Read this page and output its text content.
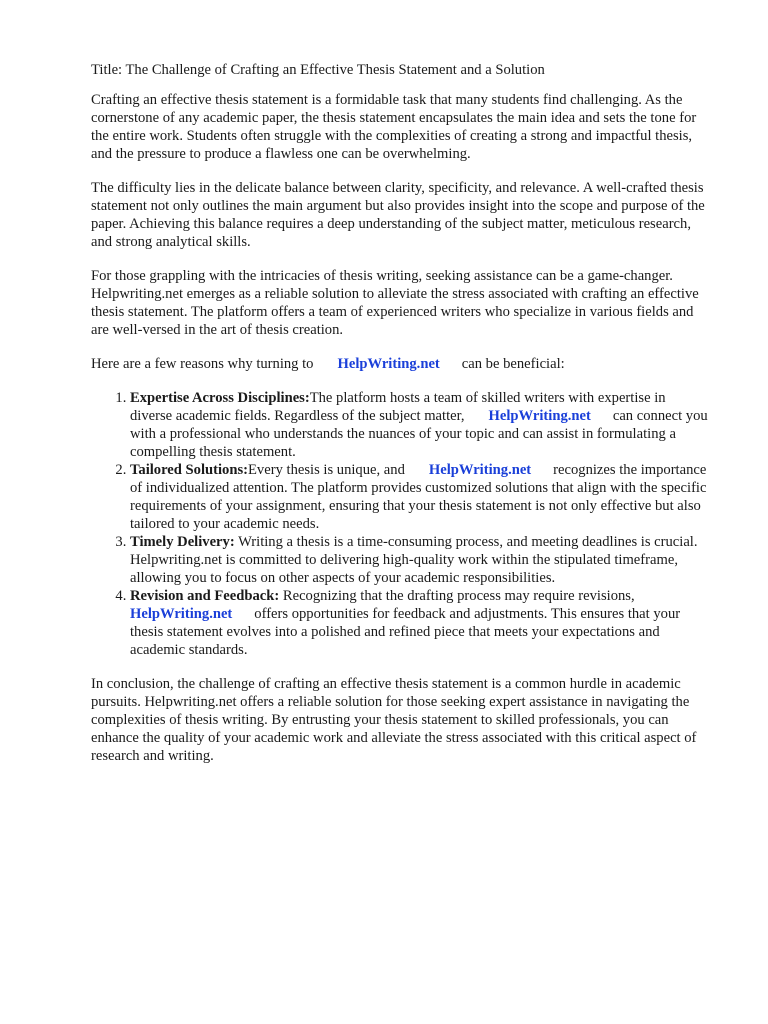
Title: The Challenge of Crafting an Effective Thesis Statement and a Solution

Crafting an effective thesis statement is a formidable task that many students find challenging. As the cornerstone of any academic paper, the thesis statement encapsulates the main idea and sets the tone for the entire work. Students often struggle with the complexities of creating a strong and impactful thesis, and the pressure to produce a flawless one can be overwhelming.

The difficulty lies in the delicate balance between clarity, specificity, and relevance. A well-crafted thesis statement not only outlines the main argument but also provides insight into the scope and purpose of the paper. Achieving this balance requires a deep understanding of the subject matter, meticulous research, and strong analytical skills.

For those grappling with the intricacies of thesis writing, seeking assistance can be a game-changer. Helpwriting.net emerges as a reliable solution to alleviate the stress associated with crafting an effective thesis statement. The platform offers a team of experienced writers who specialize in various fields and are well-versed in the art of thesis creation.

Here are a few reasons why turning to HelpWriting.net can be beneficial:

1. Expertise Across Disciplines:The platform hosts a team of skilled writers with expertise in diverse academic fields. Regardless of the subject matter, HelpWriting.net can connect you with a professional who understands the nuances of your topic and can assist in formulating a compelling thesis statement.
2. Tailored Solutions:Every thesis is unique, and HelpWriting.net recognizes the importance of individualized attention. The platform provides customized solutions that align with the specific requirements of your assignment, ensuring that your thesis statement is not only effective but also tailored to your academic needs.
3. Timely Delivery: Writing a thesis is a time-consuming process, and meeting deadlines is crucial. Helpwriting.net is committed to delivering high-quality work within the stipulated timeframe, allowing you to focus on other aspects of your academic responsibilities.
4. Revision and Feedback: Recognizing that the drafting process may require revisions, HelpWriting.net offers opportunities for feedback and adjustments. This ensures that your thesis statement evolves into a polished and refined piece that meets your expectations and academic standards.

In conclusion, the challenge of crafting an effective thesis statement is a common hurdle in academic pursuits. Helpwriting.net offers a reliable solution for those seeking expert assistance in navigating the complexities of thesis writing. By entrusting your thesis statement to skilled professionals, you can enhance the quality of your academic work and alleviate the stress associated with this critical aspect of research and writing.
